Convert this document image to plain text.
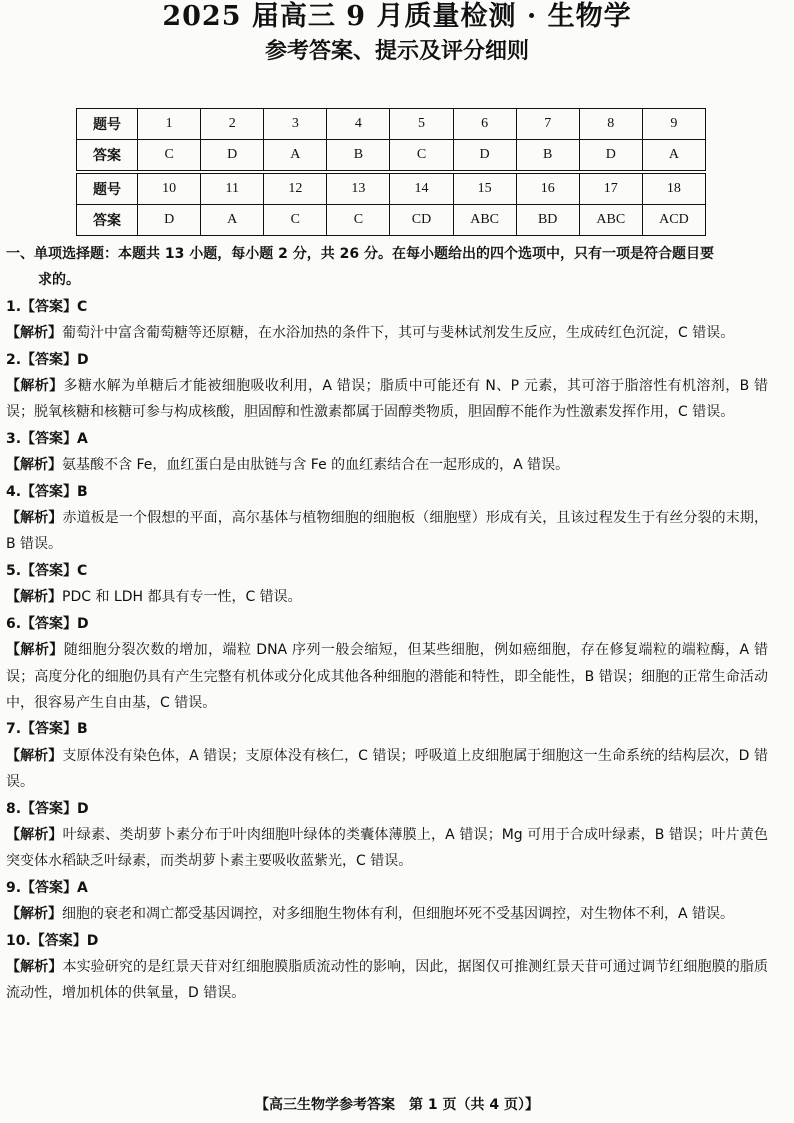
2025 届高三 9 月质量检测 · 生物学
参考答案、提示及评分细则
题号	1	2	3	4	5	6	7	8	9
答案	C	D	A	B	C	D	B	D	A
题号	10	11	12	13	14	15	16	17	18
答案	D	A	C	C	CD	ABC	BD	ABC	ACD

一、单项选择题：本题共 13 小题，每小题 2 分，共 26 分。在每小题给出的四个选项中，只有一项是符合题目要
求的。

1.【答案】C

【解析】葡萄汁中富含葡萄糖等还原糖，在水浴加热的条件下，其可与斐林试剂发生反应，生成砖红色沉淀，C 错误。

2.【答案】D

【解析】多糖水解为单糖后才能被细胞吸收利用，A 错误；脂质中可能还有 N、P 元素，其可溶于脂溶性有机溶剂，B 错误；脱氧核糖和核糖可参与构成核酸，胆固醇和性激素都属于固醇类物质，胆固醇不能作为性激素发挥作用，C 错误。

3.【答案】A

【解析】氨基酸不含 Fe，血红蛋白是由肽链与含 Fe 的血红素结合在一起形成的，A 错误。

4.【答案】B

【解析】赤道板是一个假想的平面，高尔基体与植物细胞的细胞板（细胞壁）形成有关，且该过程发生于有丝分裂的末期，B 错误。

5.【答案】C

【解析】PDC 和 LDH 都具有专一性，C 错误。

6.【答案】D

【解析】随细胞分裂次数的增加，端粒 DNA 序列一般会缩短，但某些细胞，例如癌细胞，存在修复端粒的端粒酶，A 错误；高度分化的细胞仍具有产生完整有机体或分化成其他各种细胞的潜能和特性，即全能性，B 错误；细胞的正常生命活动中，很容易产生自由基，C 错误。

7.【答案】B

【解析】支原体没有染色体，A 错误；支原体没有核仁，C 错误；呼吸道上皮细胞属于细胞这一生命系统的结构层次，D 错误。

8.【答案】D

【解析】叶绿素、类胡萝卜素分布于叶肉细胞叶绿体的类囊体薄膜上，A 错误；Mg 可用于合成叶绿素，B 错误；叶片黄色突变体水稻缺乏叶绿素，而类胡萝卜素主要吸收蓝紫光，C 错误。

9.【答案】A

【解析】细胞的衰老和凋亡都受基因调控，对多细胞生物体有利，但细胞坏死不受基因调控，对生物体不利，A 错误。

10.【答案】D

【解析】本实验研究的是红景天苷对红细胞膜脂质流动性的影响，因此，据图仅可推测红景天苷可通过调节红细胞膜的脂质流动性，增加机体的供氧量，D 错误。

【高三生物学参考答案　第 1 页（共 4 页）】
